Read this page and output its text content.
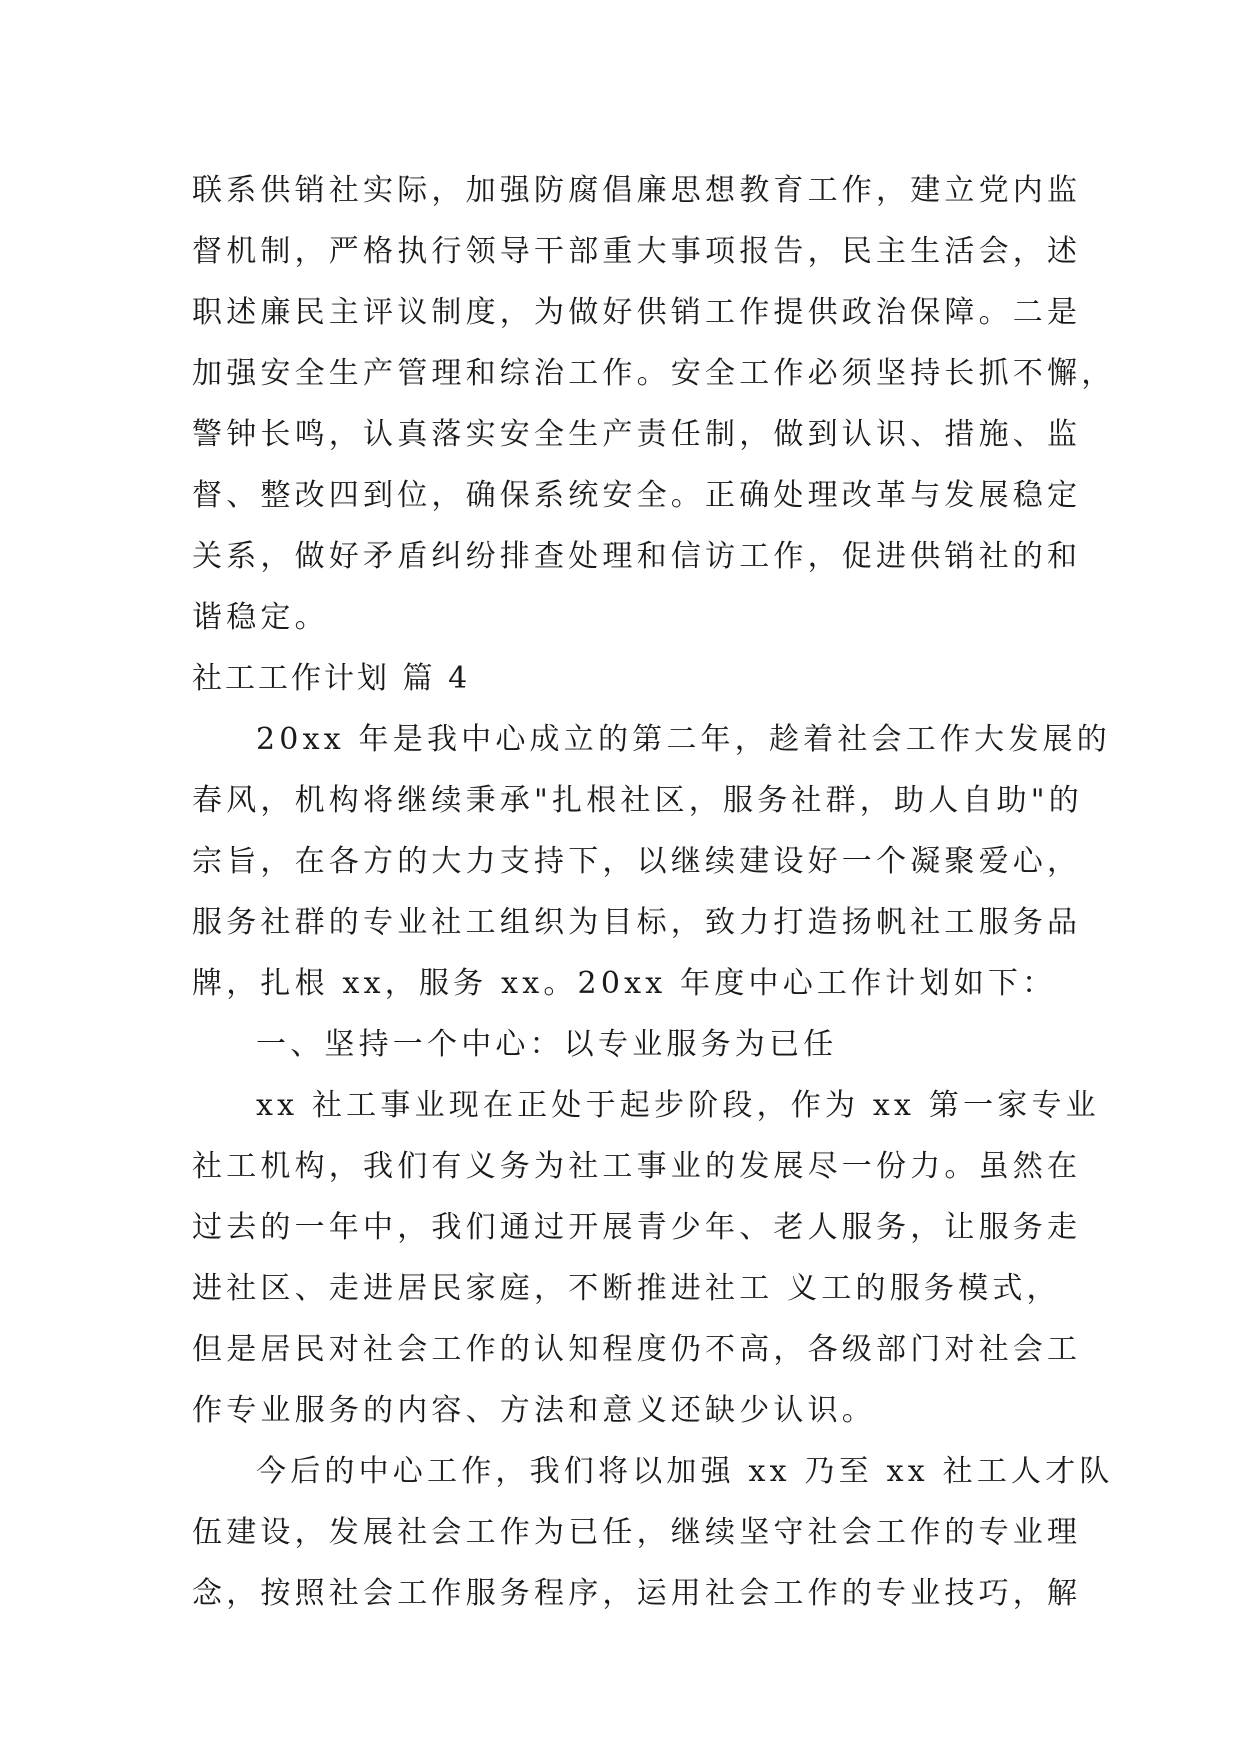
联系供销社实际，加强防腐倡廉思想教育工作，建立党内监
督机制，严格执行领导干部重大事项报告，民主生活会，述
职述廉民主评议制度，为做好供销工作提供政治保障。二是
加强安全生产管理和综治工作。安全工作必须坚持长抓不懈，
警钟长鸣，认真落实安全生产责任制，做到认识、措施、监
督、整改四到位，确保系统安全。正确处理改革与发展稳定
关系，做好矛盾纠纷排查处理和信访工作，促进供销社的和
谐稳定。
社工工作计划 篇 4
20xx 年是我中心成立的第二年，趁着社会工作大发展的
春风，机构将继续秉承"扎根社区，服务社群，助人自助"的
宗旨，在各方的大力支持下，以继续建设好一个凝聚爱心，
服务社群的专业社工组织为目标，致力打造扬帆社工服务品
牌，扎根 xx，服务 xx。20xx 年度中心工作计划如下：
一、坚持一个中心：以专业服务为已任
xx 社工事业现在正处于起步阶段，作为 xx 第一家专业
社工机构，我们有义务为社工事业的发展尽一份力。虽然在
过去的一年中，我们通过开展青少年、老人服务，让服务走
进社区、走进居民家庭，不断推进社工 义工的服务模式，
但是居民对社会工作的认知程度仍不高，各级部门对社会工
作专业服务的内容、方法和意义还缺少认识。
今后的中心工作，我们将以加强 xx 乃至 xx 社工人才队
伍建设，发展社会工作为已任，继续坚守社会工作的专业理
念，按照社会工作服务程序，运用社会工作的专业技巧，解
